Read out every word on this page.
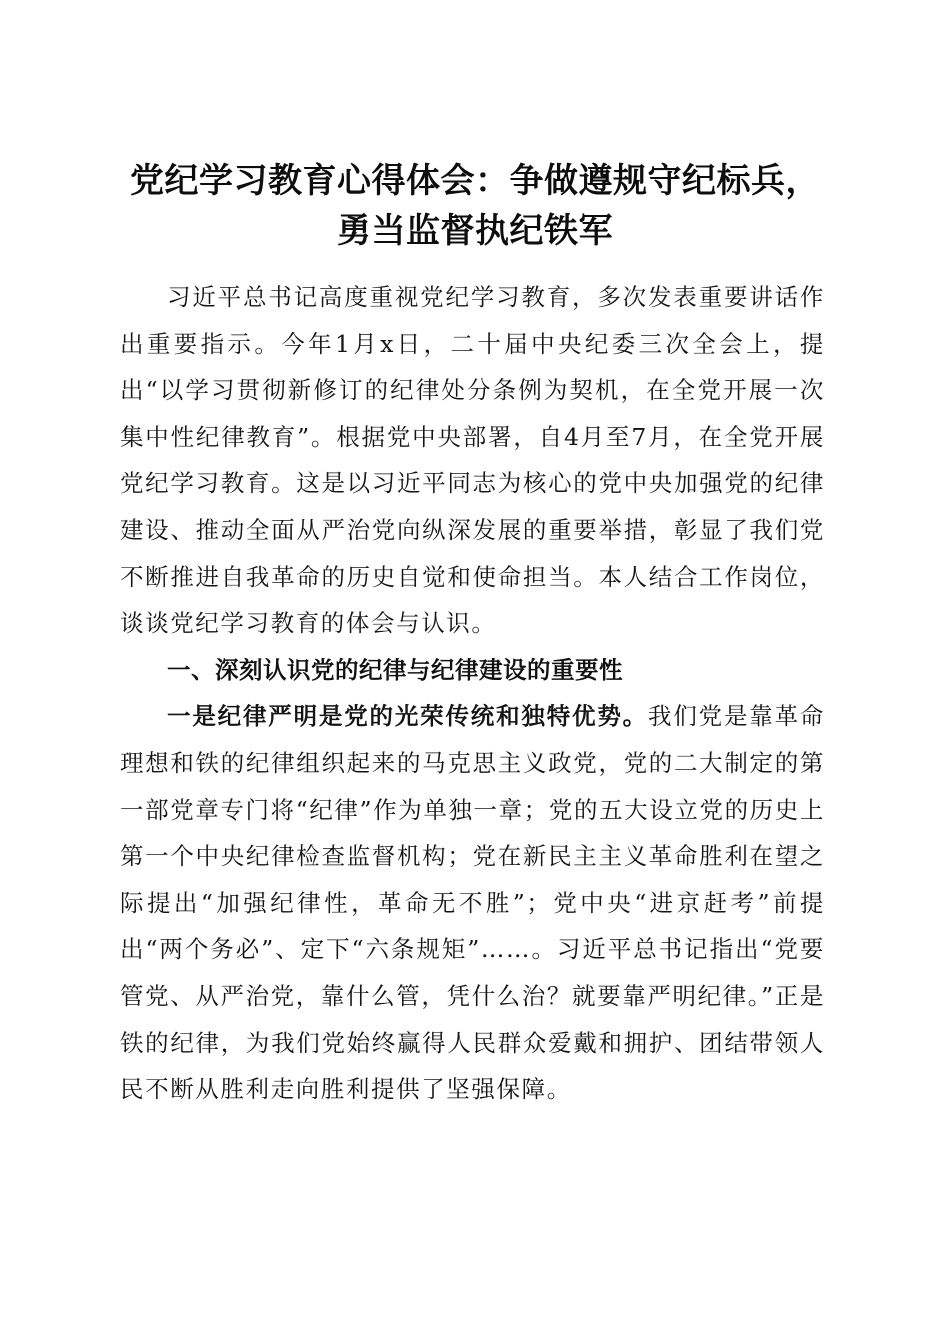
党纪学习教育心得体会：争做遵规守纪标兵，
勇当监督执纪铁军

习近平总书记高度重视党纪学习教育，多次发表重要讲话作出重要指示。今年1月x日，二十届中央纪委三次全会上，提出“以学习贯彻新修订的纪律处分条例为契机，在全党开展一次集中性纪律教育”。根据党中央部署，自4月至7月，在全党开展党纪学习教育。这是以习近平同志为核心的党中央加强党的纪律建设、推动全面从严治党向纵深发展的重要举措，彰显了我们党不断推进自我革命的历史自觉和使命担当。本人结合工作岗位，谈谈党纪学习教育的体会与认识。

一、深刻认识党的纪律与纪律建设的重要性

一是纪律严明是党的光荣传统和独特优势。我们党是靠革命理想和铁的纪律组织起来的马克思主义政党，党的二大制定的第一部党章专门将“纪律”作为单独一章；党的五大设立党的历史上第一个中央纪律检查监督机构；党在新民主主义革命胜利在望之际提出“加强纪律性，革命无不胜”；党中央“进京赶考”前提出“两个务必”、定下“六条规矩”……。习近平总书记指出“党要管党、从严治党，靠什么管，凭什么治？就要靠严明纪律。”正是铁的纪律，为我们党始终赢得人民群众爱戴和拥护、团结带领人民不断从胜利走向胜利提供了坚强保障。
